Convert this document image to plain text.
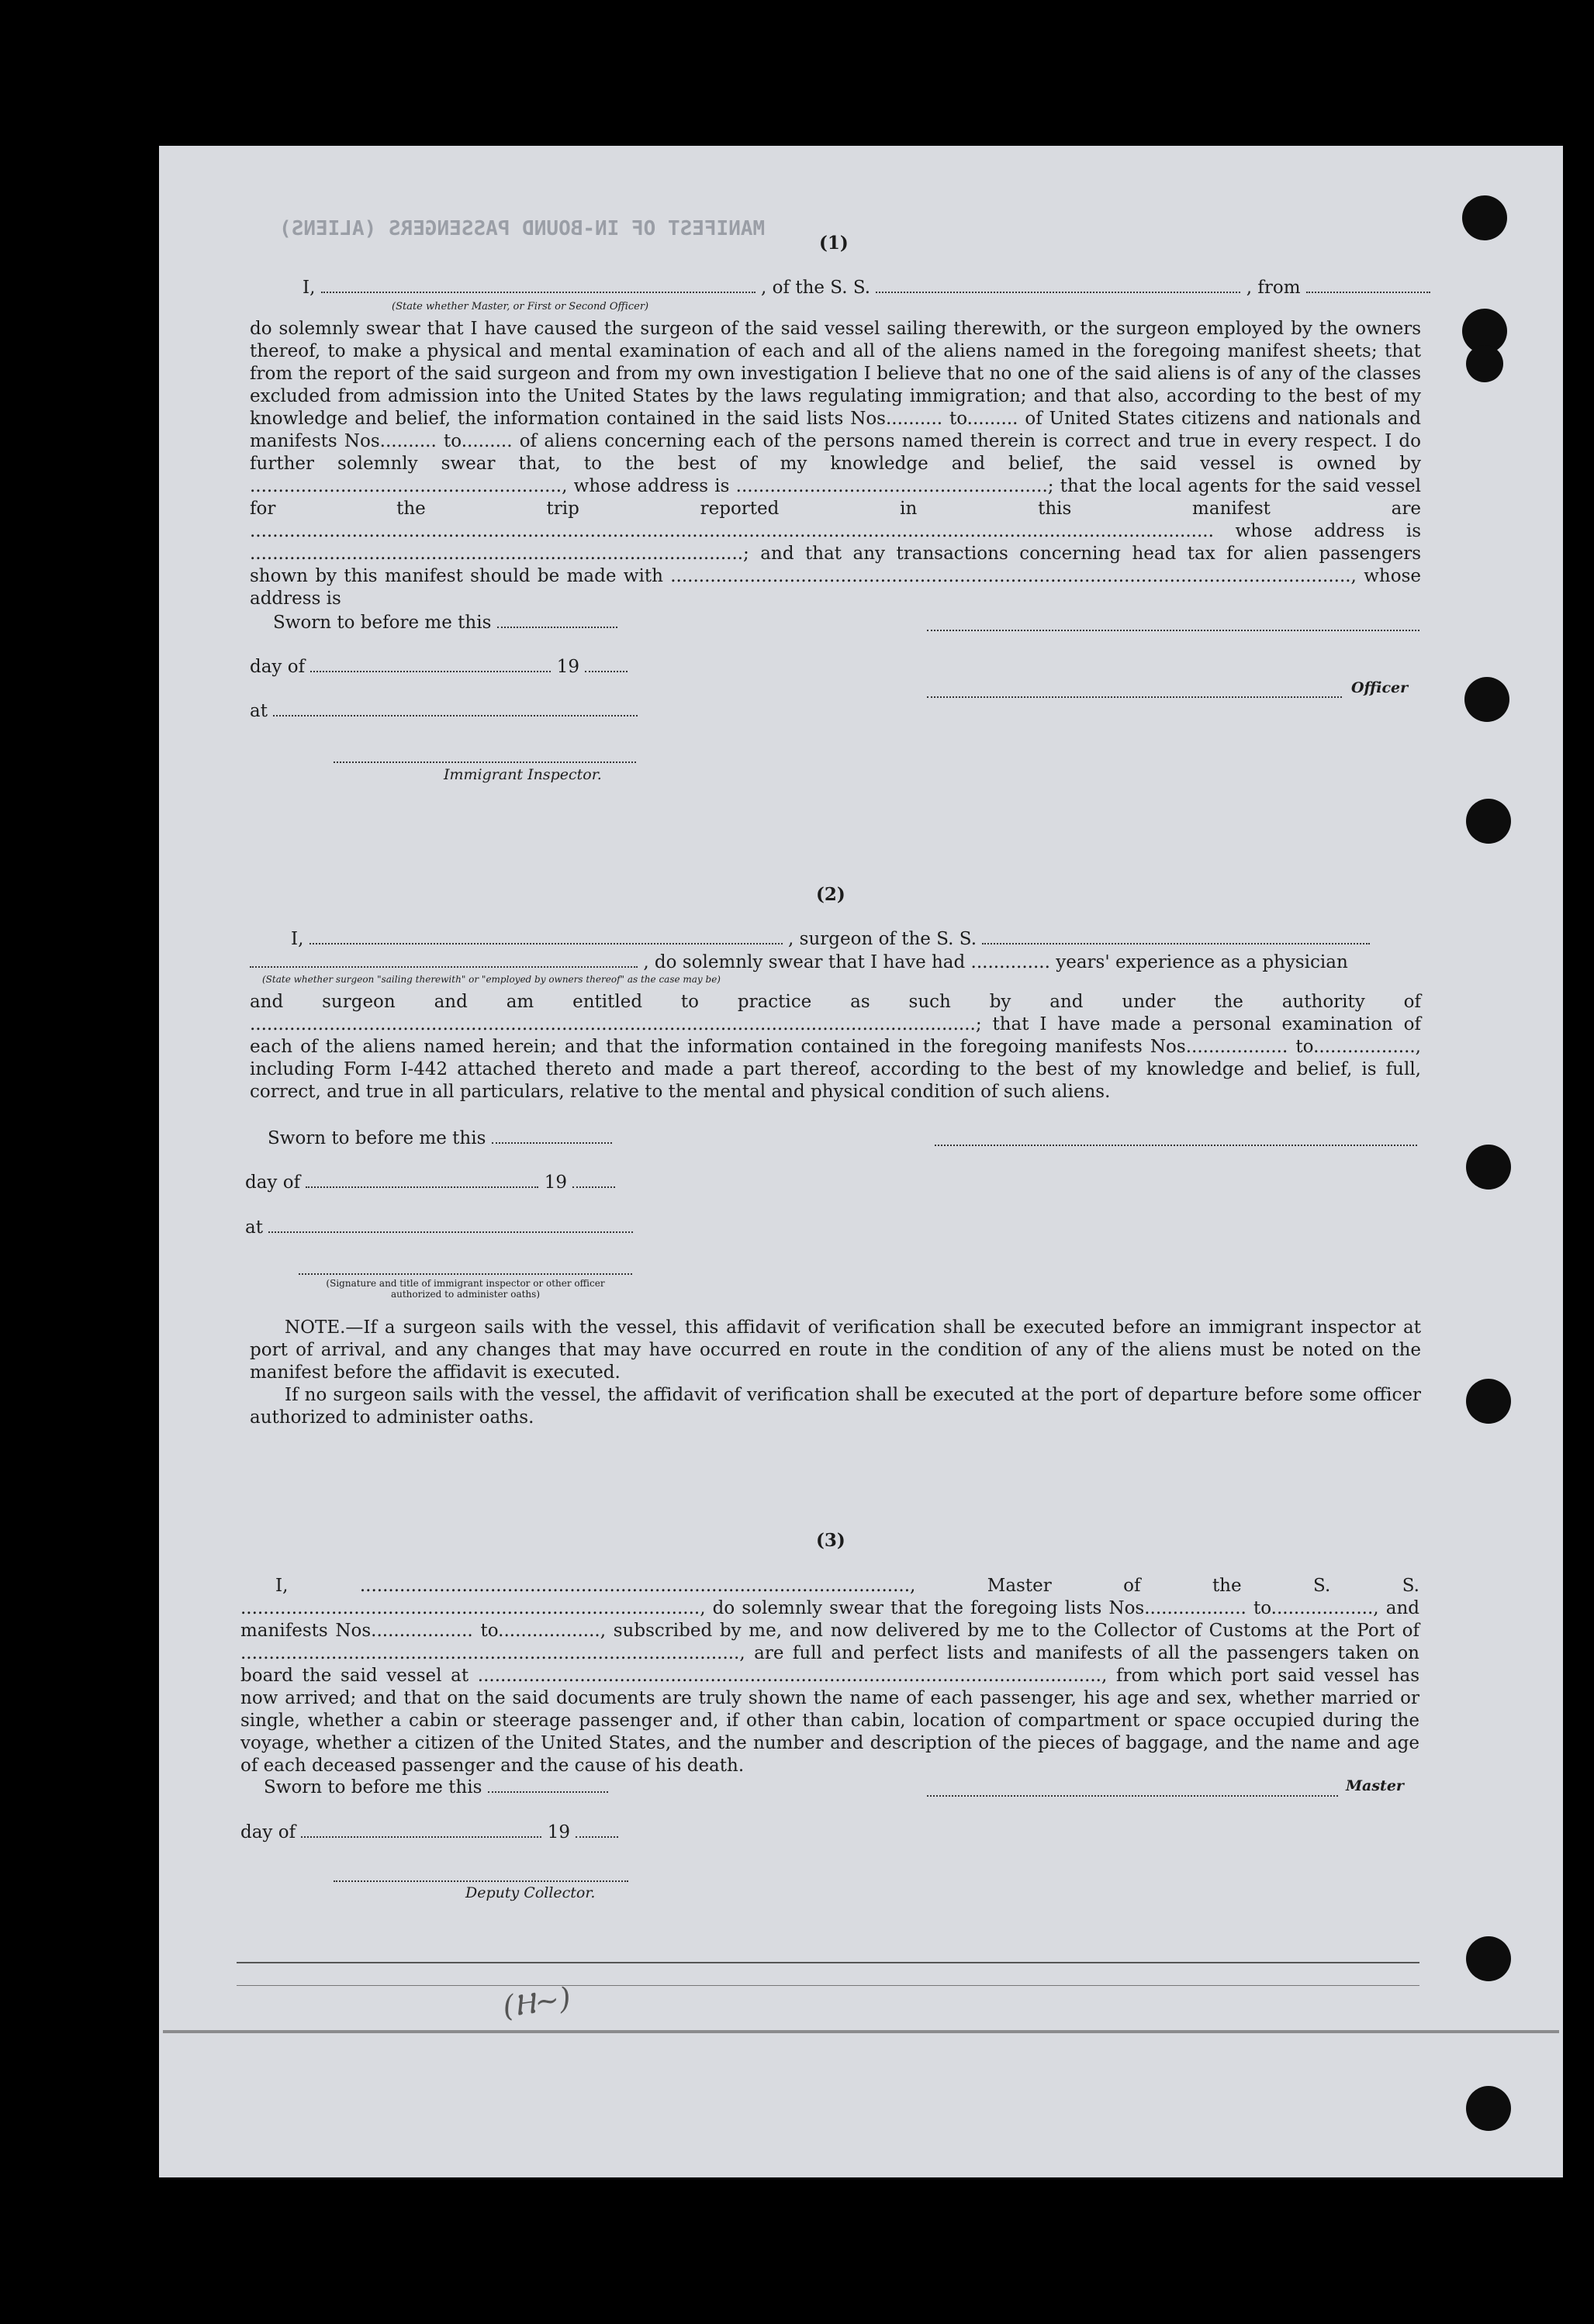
MANIFEST OF IN-BOUND PASSENGERS (ALIENS)
(1)
I,	, of the S. S.	, from
(State whether Master, or First or Second Officer)

do solemnly swear that I have caused the surgeon of the said vessel sailing therewith, or the surgeon employed by the owners thereof, to make a physical and mental examination of each and all of the aliens named in the foregoing manifest sheets; that from the report of the said surgeon and from my own investigation I believe that no one of the said aliens is of any of the classes excluded from admission into the United States by the laws regulating immigration; and that also, according to the best of my knowledge and belief, the information contained in the said lists Nos.......... to......... of United States citizens and nationals and manifests Nos.......... to......... of aliens concerning each of the persons named therein is correct and true in every respect. I do further solemnly swear that, to the best of my knowledge and belief, the said vessel is owned by ......................................................., whose address is .......................................................; that the local agents for the said vessel for the trip reported in this manifest are .......................................................................................................................................................................... whose address is .......................................................................................; and that any transactions concerning head tax for alien passengers shown by this manifest should be made with ........................................................................................................................, whose address is

Sworn to before me this
day of	19
Officer
at
Immigrant Inspector.
(2)
I,	, surgeon of the S. S.
, do solemnly swear that I have had .............. years' experience as a physician
(State whether surgeon "sailing therewith" or "employed by owners thereof" as the case may be)

and surgeon and am entitled to practice as such by and under the authority of ................................................................................................................................; that I have made a personal examination of each of the aliens named herein; and that the information contained in the foregoing manifests Nos.................. to.................., including Form I-442 attached thereto and made a part thereof, according to the best of my knowledge and belief, is full, correct, and true in all particulars, relative to the mental and physical condition of such aliens.

Sworn to before me this
day of	19
at
(Signature and title of immigrant inspector or other officer authorized to administer oaths)
NOTE.—If a surgeon sails with the vessel, this affidavit of verification shall be executed before an immigrant inspector at port of arrival, and any changes that may have occurred en route in the condition of any of the aliens must be noted on the manifest before the affidavit is executed.
If no surgeon sails with the vessel, the affidavit of verification shall be executed at the port of departure before some officer authorized to administer oaths.
(3)
I, ................................................................................................., Master of the S. S. ................................................................................., do solemnly swear that the foregoing lists Nos.................. to.................., and manifests Nos.................. to.................., subscribed by me, and now delivered by me to the Collector of Customs at the Port of ........................................................................................, are full and perfect lists and manifests of all the passengers taken on board the said vessel at .............................................................................................................., from which port said vessel has now arrived; and that on the said documents are truly shown the name of each passenger, his age and sex, whether married or single, whether a cabin or steerage passenger and, if other than cabin, location of compartment or space occupied during the voyage, whether a citizen of the United States, and the number and description of the pieces of baggage, and the name and age of each deceased passenger and the cause of his death.
Sworn to before me this	Master
day of	19
Deputy Collector.
(Ⲏ~)
